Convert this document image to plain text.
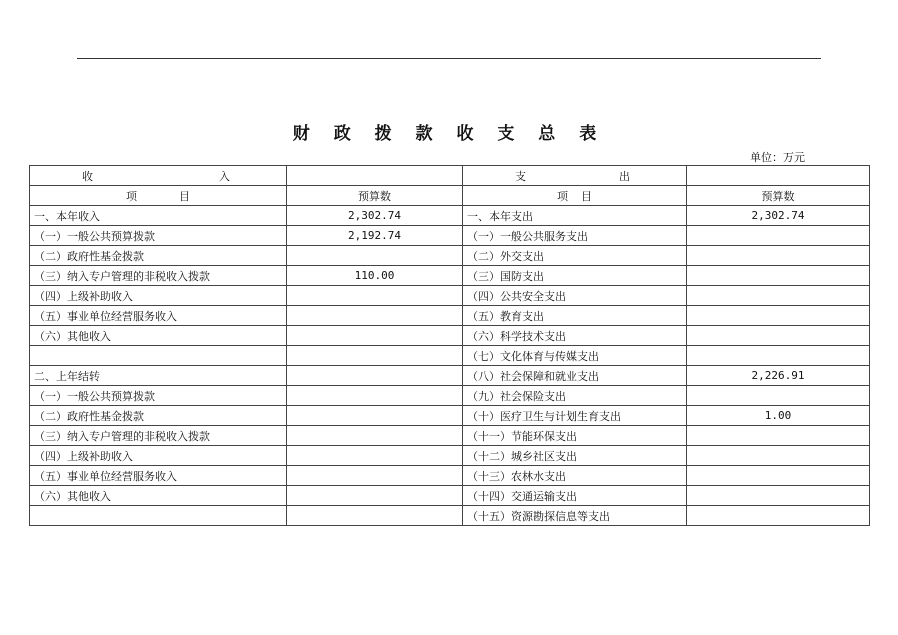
财 政 拨 款 收 支 总 表
单位：万元
收 入		支 出	

项 目	预算数	项 目	预算数
一、本年收入	2,302.74	一、本年支出	2,302.74
（一）一般公共预算拨款	2,192.74	（一）一般公共服务支出	
（二）政府性基金拨款		（二）外交支出	
（三）纳入专户管理的非税收入拨款	110.00	（三）国防支出	
（四）上级补助收入		（四）公共安全支出	
（五）事业单位经营服务收入		（五）教育支出	
（六）其他收入		（六）科学技术支出	
		（七）文化体育与传媒支出	
二、上年结转		（八）社会保障和就业支出	2,226.91
（一）一般公共预算拨款		（九）社会保险支出	
（二）政府性基金拨款		（十）医疗卫生与计划生育支出	1.00
（三）纳入专户管理的非税收入拨款		（十一）节能环保支出	
（四）上级补助收入		（十二）城乡社区支出	
（五）事业单位经营服务收入		（十三）农林水支出	
（六）其他收入		（十四）交通运输支出	
		（十五）资源勘探信息等支出	
